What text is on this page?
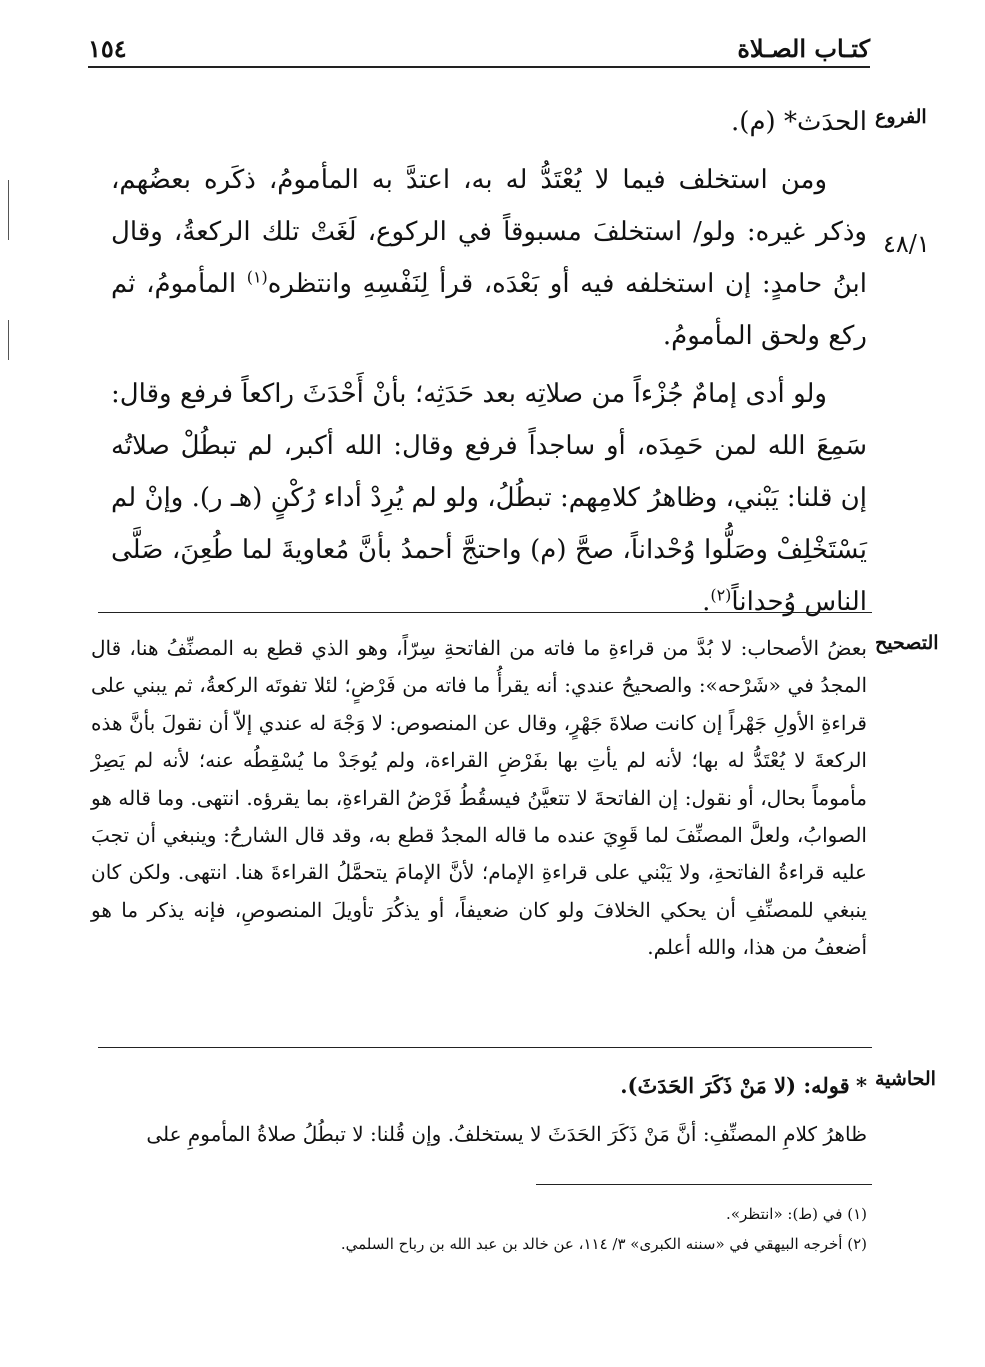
كتـاب الصـلاة
١٥٤
الفروع
٤٨/١
التصحيح
الحاشية

الحدَث* (م).

ومن استخلف فيما لا يُعْتَدُّ له به، اعتدَّ به المأمومُ، ذكَره بعضُهم، وذكر غيره: ولو/ استخلفَ مسبوقاً في الركوع، لَغَتْ تلك الركعةُ، وقال ابنُ حامدٍ: إن استخلفه فيه أو بَعْدَه، قرأ لِنَفْسِهِ وانتظره$^{(١)}$ المأمومُ، ثم ركع ولحق المأمومُ.

ولو أدى إمامٌ جُزْءاً من صلاتِه بعد حَدَثِه؛ بأنْ أَحْدَثَ راكعاً فرفع وقال: سَمِعَ الله لمن حَمِدَه، أو ساجداً فرفع وقال: الله أكبر، لم تبطُلْ صلاتُه إن قلنا: يَبْني، وظاهرُ كلامِهم: تبطُلُ، ولو لم يُرِدْ أداء رُكْنٍ (هـ ر). وإنْ لم يَسْتَخْلِفْ وصَلُّوا وُحْداناً، صحَّ (م) واحتجَّ أحمدُ بأنَّ مُعاويةَ لما طُعِنَ، صَلَّى الناس وُحداناً$^{(٢)}$.

بعضُ الأصحاب: لا بُدَّ من قراءةِ ما فاته من الفاتحةِ سِرّاً، وهو الذي قطع به المصنِّفُ هنا، قال المجدُ في «شَرْحه»: والصحيحُ عندي: أنه يقرأُ ما فاته من فَرْضٍ؛ لئلا تفوتَه الركعةُ، ثم يبني على قراءةِ الأولِ جَهْراً إن كانت صلاةَ جَهْرٍ، وقال عن المنصوص: لا وَجْهَ له عندي إلاّ أن نقولَ بأنَّ هذه الركعةَ لا يُعْتَدُّ له بها؛ لأنه لم يأتِ بها بفَرْضِ القراءة، ولم يُوجَدْ ما يُسْقِطُه عنه؛ لأنه لم يَصِرْ مأموماً بحال، أو نقول: إن الفاتحةَ لا تتعيَّنُ فيسقُطُ فَرْضُ القراءةِ، بما يقرؤه. انتهى. وما قاله هو الصوابُ، ولعلَّ المصنِّفَ لما قَوِيَ عنده ما قاله المجدُ قطع به، وقد قال الشارحُ: وينبغي أن تجبَ عليه قراءةُ الفاتحةِ، ولا يَبْني على قراءةِ الإمام؛ لأنَّ الإمامَ يتحمَّلُ القراءةَ هنا. انتهى. ولكن كان ينبغي للمصنِّفِ أن يحكي الخلافَ ولو كان ضعيفاً، أو يذكُرَ تأويلَ المنصوصِ، فإنه يذكر ما هو أضعفُ من هذا، والله أعلم.

* قوله: (لا مَنْ ذَكَرَ الحَدَثَ).

ظاهرُ كلامِ المصنِّفِ: أنَّ مَنْ ذَكَرَ الحَدَثَ لا يستخلفُ. وإن قُلنا: لا تبطُلُ صلاةُ المأمومِ على

(١) في (ط): «انتظر».

(٢) أخرجه البيهقي في «سننه الكبرى» ٣/ ١١٤، عن خالد بن عبد الله بن رباح السلمي.
